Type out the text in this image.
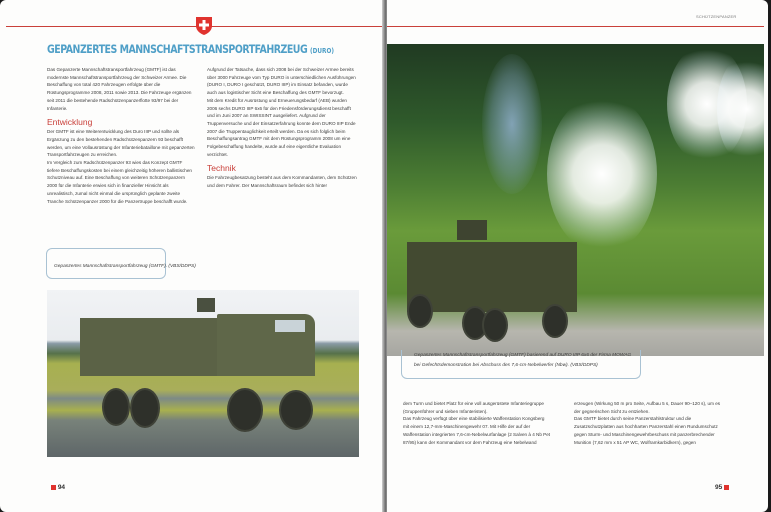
GEPANZERTES MANNSCHAFTSTRANSPORTFAHRZEUG (DURO)

Das Gepanzerte Mannschaftstransportfahrzeug (GMTF) ist das modernste Mannschaftstransportfahrzeug der Schweizer Armee. Die Beschaffung von total 420 Fahrzeugen erfolgte über die Rüstungsprogramme 2008, 2011 sowie 2013. Die Fahrzeuge ergänzen seit 2011 die bestehende Radschützenpanzerflotte 93/97 bei der Infanterie.

Entwicklung

Der GMTF ist eine Weiterentwicklung des Duro IIIP und sollte als Ergänzung zu den bestehenden Radschützenpanzern 93 beschafft werden, um eine Vollausrüstung der Infanteriebataillone mit gepanzerten Transportfahrzeugen zu erreichen.

Im Vergleich zum Radschützenpanzer 93 wies das Konzept GMTF tiefere Beschaffungskosten bei einem gleichzeitig höheren ballistischen Schutzniveau auf. Eine Beschaffung von weiteren Schützenpanzern 2000 für die Infanterie erwies sich in finanzieller Hinsicht als unrealistisch, zumal nicht einmal die ursprünglich geplante zweite Tranche Schützenpanzer 2000 für die Panzertruppe beschafft wurde.

Aufgrund der Tatsache, dass sich 2008 bei der Schweizer Armee bereits über 3000 Fahrzeuge vom Typ DURO in unterschiedlichen Ausführungen (DURO I, DURO I geschützt, DURO IIIP) im Einsatz befanden, wurde auch aus logistischer Sicht eine Beschaffung des GMTF bevorzugt.

Mit dem Kredit für Ausrüstung und Erneuerungsbedarf (AEB) wurden 2006 sechs DURO IIIP 6x6 für den Friedensförderungsdienst beschafft und im Juni 2007 an SWISSINT ausgeliefert. Aufgrund der Truppenversuche und der Einsatzerfahrung konnte dem DURO IIIP Ende 2007 die Truppentauglichkeit erteilt werden. Da es sich folglich beim Beschaffungsantrag GMTF mit dem Rüstungsprogramm 2008 um eine Folgebeschaffung handelte, wurde auf eine eigentliche Evaluation verzichtet.

Technik

Die Fahrzeugbesatzung besteht aus dem Kommandanten, dem Schützen und dem Fahrer. Der Mannschaftsraum befindet sich hinter

Gepanzertes Mannschaftstransportfahrzeug (GMTF). (VBS/DDPS)
94
SCHÜTZENPANZER
Gepanzertes Mannschaftstransportfahrzeug (GMTF) basierend auf DURO IIIP 6x6 der Firma MOWAG
bei Gefechtsdemonstration bei Abschuss des 7,6-cm-Nebelwerfer (Nbw). (VBS/DDPS)

dem Turm und bietet Platz für eine voll ausgerüstete Infanteriegruppe (Gruppenführer und sieben Infanteristen).

Das Fahrzeug verfügt über eine stabilisierte Waffenstation Kongsberg mit einem 12,7-mm-Maschinengewehr 07. Mit Hilfe der auf der Waffenstation integrierten 7,6-cm-Nebelwurfanlage (2 Salven à 4 Nb Pet 87/95) kann der Kommandant vor dem Fahrzeug eine Nebelwand

erzeugen (Wirkung 50 m pro Seite, Aufbau 5 s, Dauer 90–120 s), um es der gegnerischen Sicht zu entziehen.

Das GMTF bietet durch seine Panzerstahlstruktur und die Zusatzschutzplatten aus hochharten Panzerstahl einen Rundumschutz gegen Sturm- und Maschinengewehrbeschuss mit panzerbrechender Munition (7,62 mm x 51 AP WC, Wolframkarbidkern), gegen

95
